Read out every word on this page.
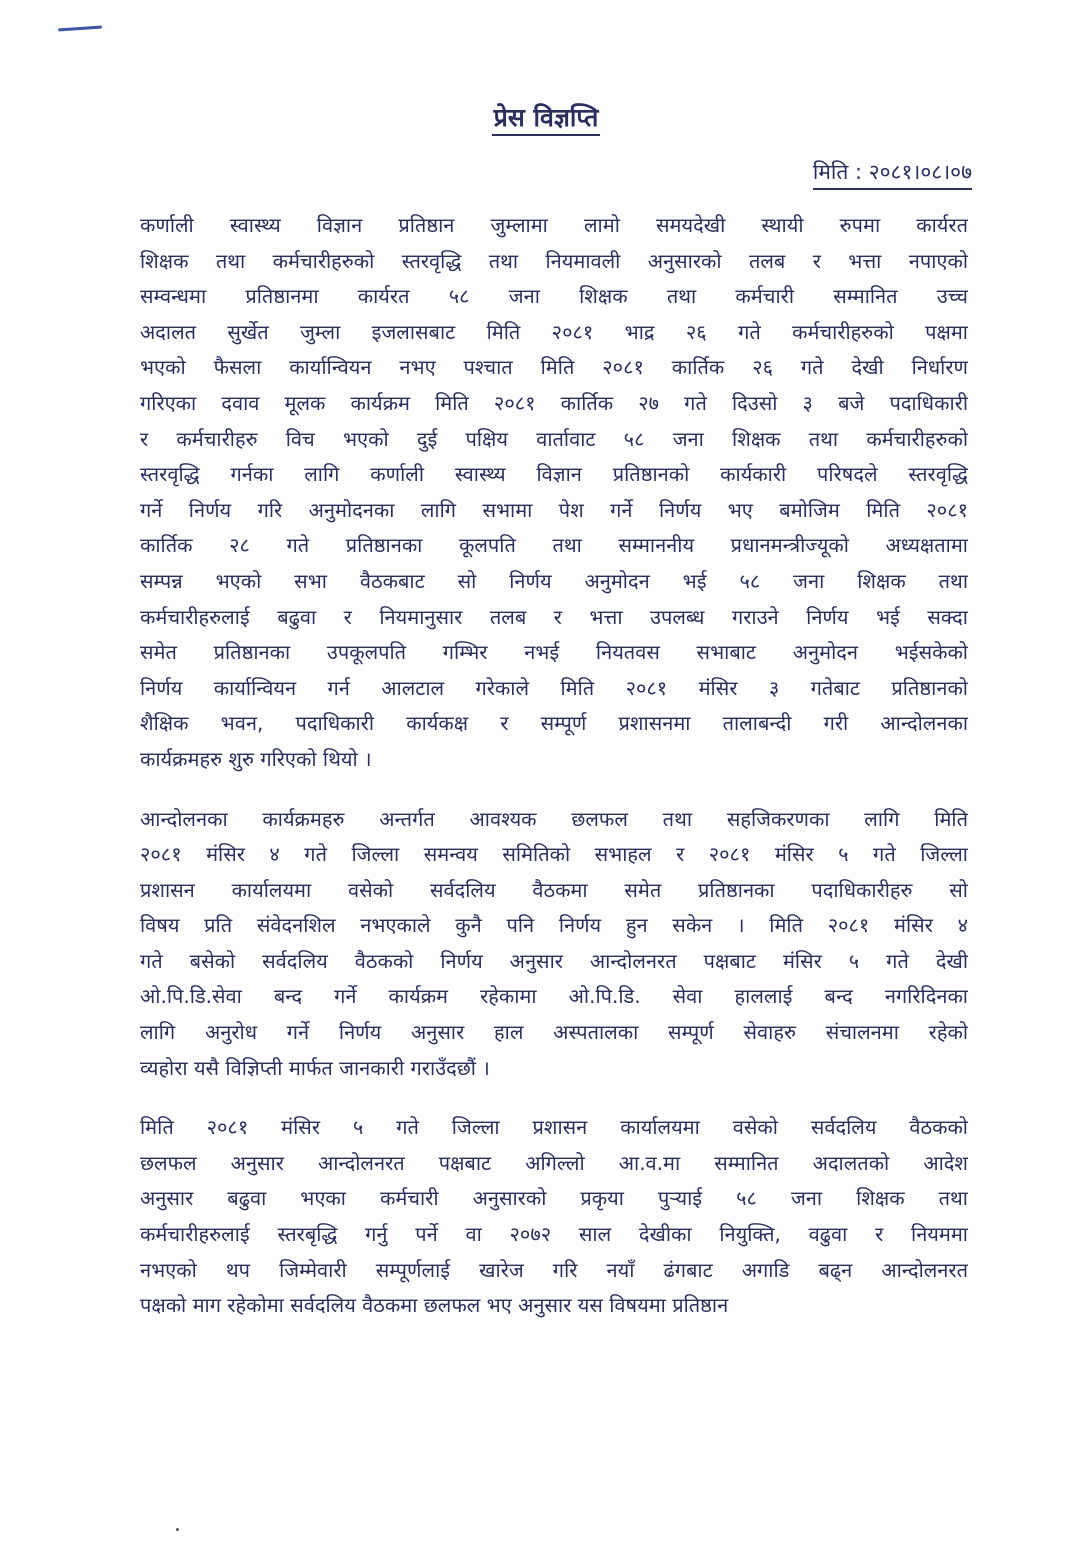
प्रेस विज्ञप्ति
मिति : २०८१।०८।०७
कर्णाली स्वास्थ्य विज्ञान प्रतिष्ठान जुम्लामा लामो समयदेखी स्थायी रुपमा कार्यरत
शिक्षक तथा कर्मचारीहरुको स्तरवृद्धि तथा नियमावली अनुसारको तलब र भत्ता नपाएको
सम्वन्धमा प्रतिष्ठानमा कार्यरत ५८ जना शिक्षक तथा कर्मचारी सम्मानित उच्च
अदालत सुर्खेत जुम्ला इजलासबाट मिति २०८१ भाद्र २६ गते कर्मचारीहरुको पक्षमा
भएको फैसला कार्यान्वियन नभए पश्चात मिति २०८१ कार्तिक २६ गते देखी निर्धारण
गरिएका दवाव मूलक कार्यक्रम मिति २०८१ कार्तिक २७ गते दिउसो ३ बजे पदाधिकारी
र कर्मचारीहरु विच भएको दुई पक्षिय वार्तावाट ५८ जना शिक्षक तथा कर्मचारीहरुको
स्तरवृद्धि गर्नका लागि कर्णाली स्वास्थ्य विज्ञान प्रतिष्ठानको कार्यकारी परिषदले स्तरवृद्धि
गर्ने निर्णय गरि अनुमोदनका लागि सभामा पेश गर्ने निर्णय भए बमोजिम मिति २०८१
कार्तिक २८ गते प्रतिष्ठानका कूलपति तथा सम्माननीय प्रधानमन्त्रीज्यूको अध्यक्षतामा
सम्पन्न भएको सभा वैठकबाट सो निर्णय अनुमोदन भई ५८ जना शिक्षक तथा
कर्मचारीहरुलाई बढुवा र नियमानुसार तलब र भत्ता उपलब्ध गराउने निर्णय भई सक्दा
समेत प्रतिष्ठानका उपकूलपति गम्भिर नभई नियतवस सभाबाट अनुमोदन भईसकेको
निर्णय कार्यान्वियन गर्न आलटाल गरेकाले मिति २०८१ मंसिर ३ गतेबाट प्रतिष्ठानको
शैक्षिक भवन, पदाधिकारी कार्यकक्ष र सम्पूर्ण प्रशासनमा तालाबन्दी गरी आन्दोलनका
कार्यक्रमहरु शुरु गरिएको थियो ।
आन्दोलनका कार्यक्रमहरु अन्तर्गत आवश्यक छलफल तथा सहजिकरणका लागि मिति
२०८१ मंसिर ४ गते जिल्ला समन्वय समितिको सभाहल र २०८१ मंसिर ५ गते जिल्ला
प्रशासन कार्यालयमा वसेको सर्वदलिय वैठकमा समेत प्रतिष्ठानका पदाधिकारीहरु सो
विषय प्रति संवेदनशिल नभएकाले कुनै पनि निर्णय हुन सकेन । मिति २०८१ मंसिर ४
गते बसेको सर्वदलिय वैठकको निर्णय अनुसार आन्दोलनरत पक्षबाट मंसिर ५ गते देखी
ओ.पि.डि.सेवा बन्द गर्ने कार्यक्रम रहेकामा ओ.पि.डि. सेवा हाललाई बन्द नगरिदिनका
लागि अनुरोध गर्ने निर्णय अनुसार हाल अस्पतालका सम्पूर्ण सेवाहरु संचालनमा रहेको
व्यहोरा यसै विज्ञिप्ती मार्फत जानकारी गराउँदछौं ।
मिति २०८१ मंसिर ५ गते जिल्ला प्रशासन कार्यालयमा वसेको सर्वदलिय वैठकको
छलफल अनुसार आन्दोलनरत पक्षबाट अगिल्लो आ.व.मा सम्मानित अदालतको आदेश
अनुसार बढुवा भएका कर्मचारी अनुसारको प्रकृया पुऱ्याई ५८ जना शिक्षक तथा
कर्मचारीहरुलाई स्तरबृद्धि गर्नु पर्ने वा २०७२ साल देखीका नियुक्ति, वढुवा र नियममा
नभएको थप जिम्मेवारी सम्पूर्णलाई खारेज गरि नयाँ ढंगबाट अगाडि बढ्न आन्दोलनरत
पक्षको माग रहेकोमा सर्वदलिय वैठकमा छलफल भए अनुसार यस विषयमा प्रतिष्ठान
